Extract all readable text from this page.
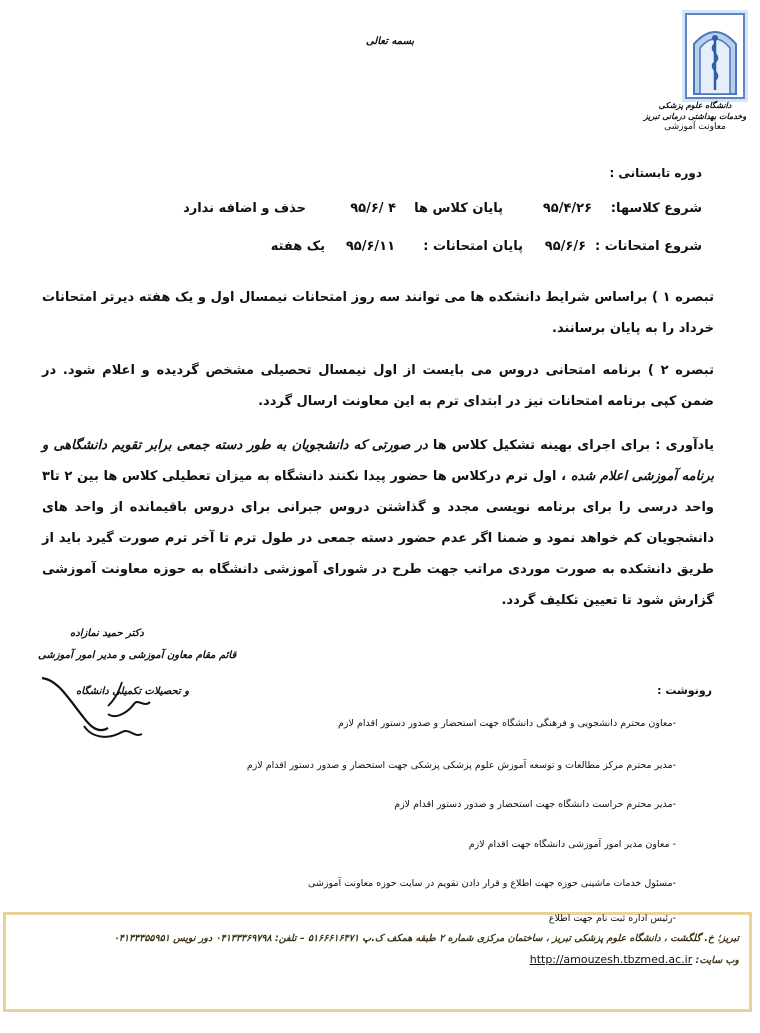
بسمه تعالی
دانشگاه علوم پزشکی
وخدمات بهداشتی درمانی تبریز
معاونت آموزشی
دوره تابستانی :
شروع کلاسها:
۹۵/۴/۲۶
پایان کلاس ها
۴ /۹۵/۶
حذف و اضافه ندارد
شروع امتحانات :
۹۵/۶/۶
پایان امتحانات :
۹۵/۶/۱۱
یک هفته
تبصره ۱ ) براساس شرایط دانشکده ها می توانند سه روز امتحانات نیمسال اول و یک هفته دیرتر امتحانات خرداد را به پایان برسانند.
تبصره ۲ ) برنامه امتحانی دروس می بایست از اول نیمسال تحصیلی مشخص گردیده و اعلام شود. در ضمن کپی برنامه امتحانات نیز در ابتدای ترم به این معاونت ارسال گردد.
یادآوری : برای اجرای بهینه تشکیل کلاس ها در صورتی که دانشجویان به طور دسته جمعی برابر تقویم دانشگاهی و برنامه آموزشی اعلام شده ، اول ترم درکلاس ها حضور پیدا نکنند دانشگاه به میزان تعطیلی کلاس ها بین ۲ تا۳ واحد درسی را برای برنامه نویسی مجدد و گذاشتن دروس جبرانی برای دروس باقیمانده از واحد های دانشجویان کم خواهد نمود و ضمنا اگر عدم حضور دسته جمعی در طول ترم تا آخر ترم صورت گیرد باید از طریق دانشکده به صورت موردی مراتب جهت طرح در شورای آموزشی دانشگاه به حوزه معاونت آموزشی گزارش شود تا تعیین تکلیف گردد.
دکتر حمید نمازاده
قائم مقام معاون آموزشی و مدیر امور آموزشی
و تحصیلات تکمیلی دانشگاه	رونوشت :
-معاون محترم دانشجویی و فرهنگی دانشگاه جهت استحضار و صدور دستور اقدام لازم
-مدیر محترم مرکز مطالعات و توسعه آموزش علوم پزشکی پزشکی جهت استحضار و صدور دستور اقدام لازم
-مدیر محترم حراست دانشگاه جهت استحضار و صدور دستور اقدام لازم
- معاون مدیر امور آموزشی دانشگاه جهت اقدام لازم
-مسئول خدمات ماشینی حوزه جهت اطلاع و قرار دادن تقویم در سایت حوزه معاونت آموزشی
-رئیس اداره ثبت نام جهت اطلاع
تبریز؛ خ. گلگشت ، دانشگاه علوم پزشکی تبریز ، ساختمان مرکزی شماره ۲ طبقه همکف ک.پ ۵۱۶۶۶۱۶۴۷۱ – تلفن: ۰۴۱۳۳۳۶۹۷۹۸ دور نویس ۰۴۱۳۳۳۵۵۹۵۱
وب سایت: http://amouzesh.tbzmed.ac.ir
